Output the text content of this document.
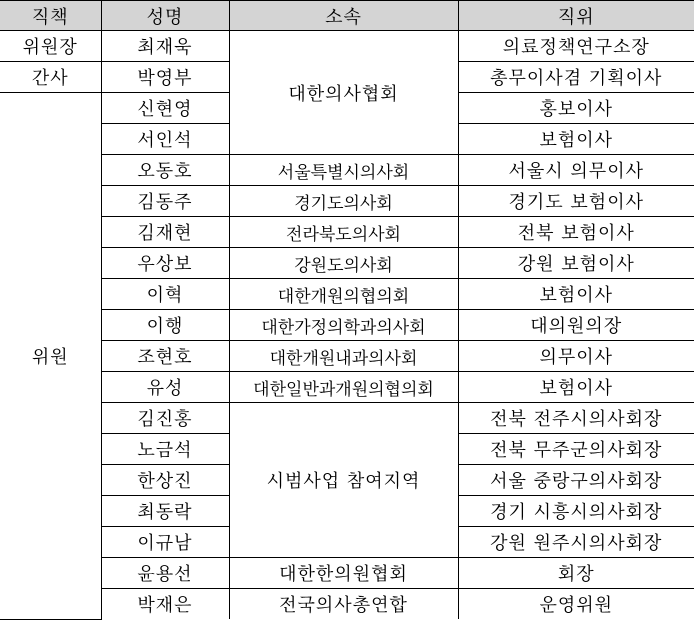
직책	성명	소속	직위
위원장	최재욱	대한의사협회	의료정책연구소장
간사	박영부		총무이사겸 기획이사
위원	신현영		홍보이사
	서인석		보험이사
	오동호	서울특별시의사회	서울시 의무이사
	김동주	경기도의사회	경기도 보험이사
	김재현	전라북도의사회	전북 보험이사
	우상보	강원도의사회	강원 보험이사
	이혁	대한개원의협의회	보험이사
	이행	대한가정의학과의사회	대의원의장
	조현호	대한개원내과의사회	의무이사
	유성	대한일반과개원의협의회	보험이사
	김진홍	시범사업 참여지역	전북 전주시의사회장
	노금석		전북 무주군의사회장
	한상진		서울 중랑구의사회장
	최동락		경기 시흥시의사회장
	이규남		강원 원주시의사회장
	윤용선	대한한의원협회	회장
	박재은	전국의사총연합	운영위원
